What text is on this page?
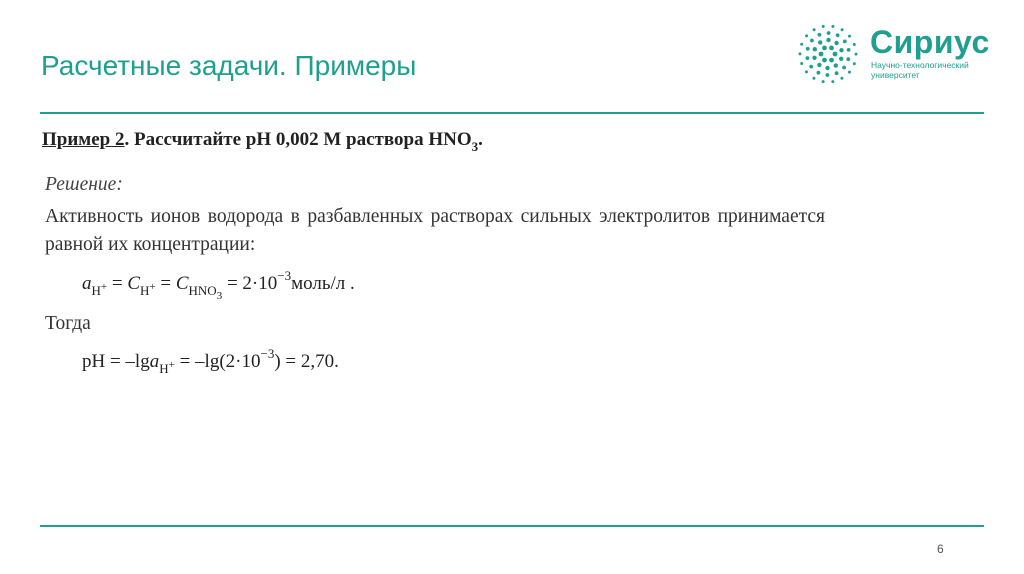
Расчетные задачи. Примеры
Сириус
Научно-технологический
университет
Пример 2. Рассчитайте pH 0,002 М раствора $HNO_3$.
Решение:
Активность ионов водорода в разбавленных растворах сильных электролитов принимается равной их концентрации:
$a_{H^+} = C_{H^+} = C_{HNO_3}$ = $2\cdot 10^{-3}моль/л$ .
Тогда
pH = $-\lg a_{H^+} = -\lg(2\cdot 10^{-3}) = 2,70$.
6
